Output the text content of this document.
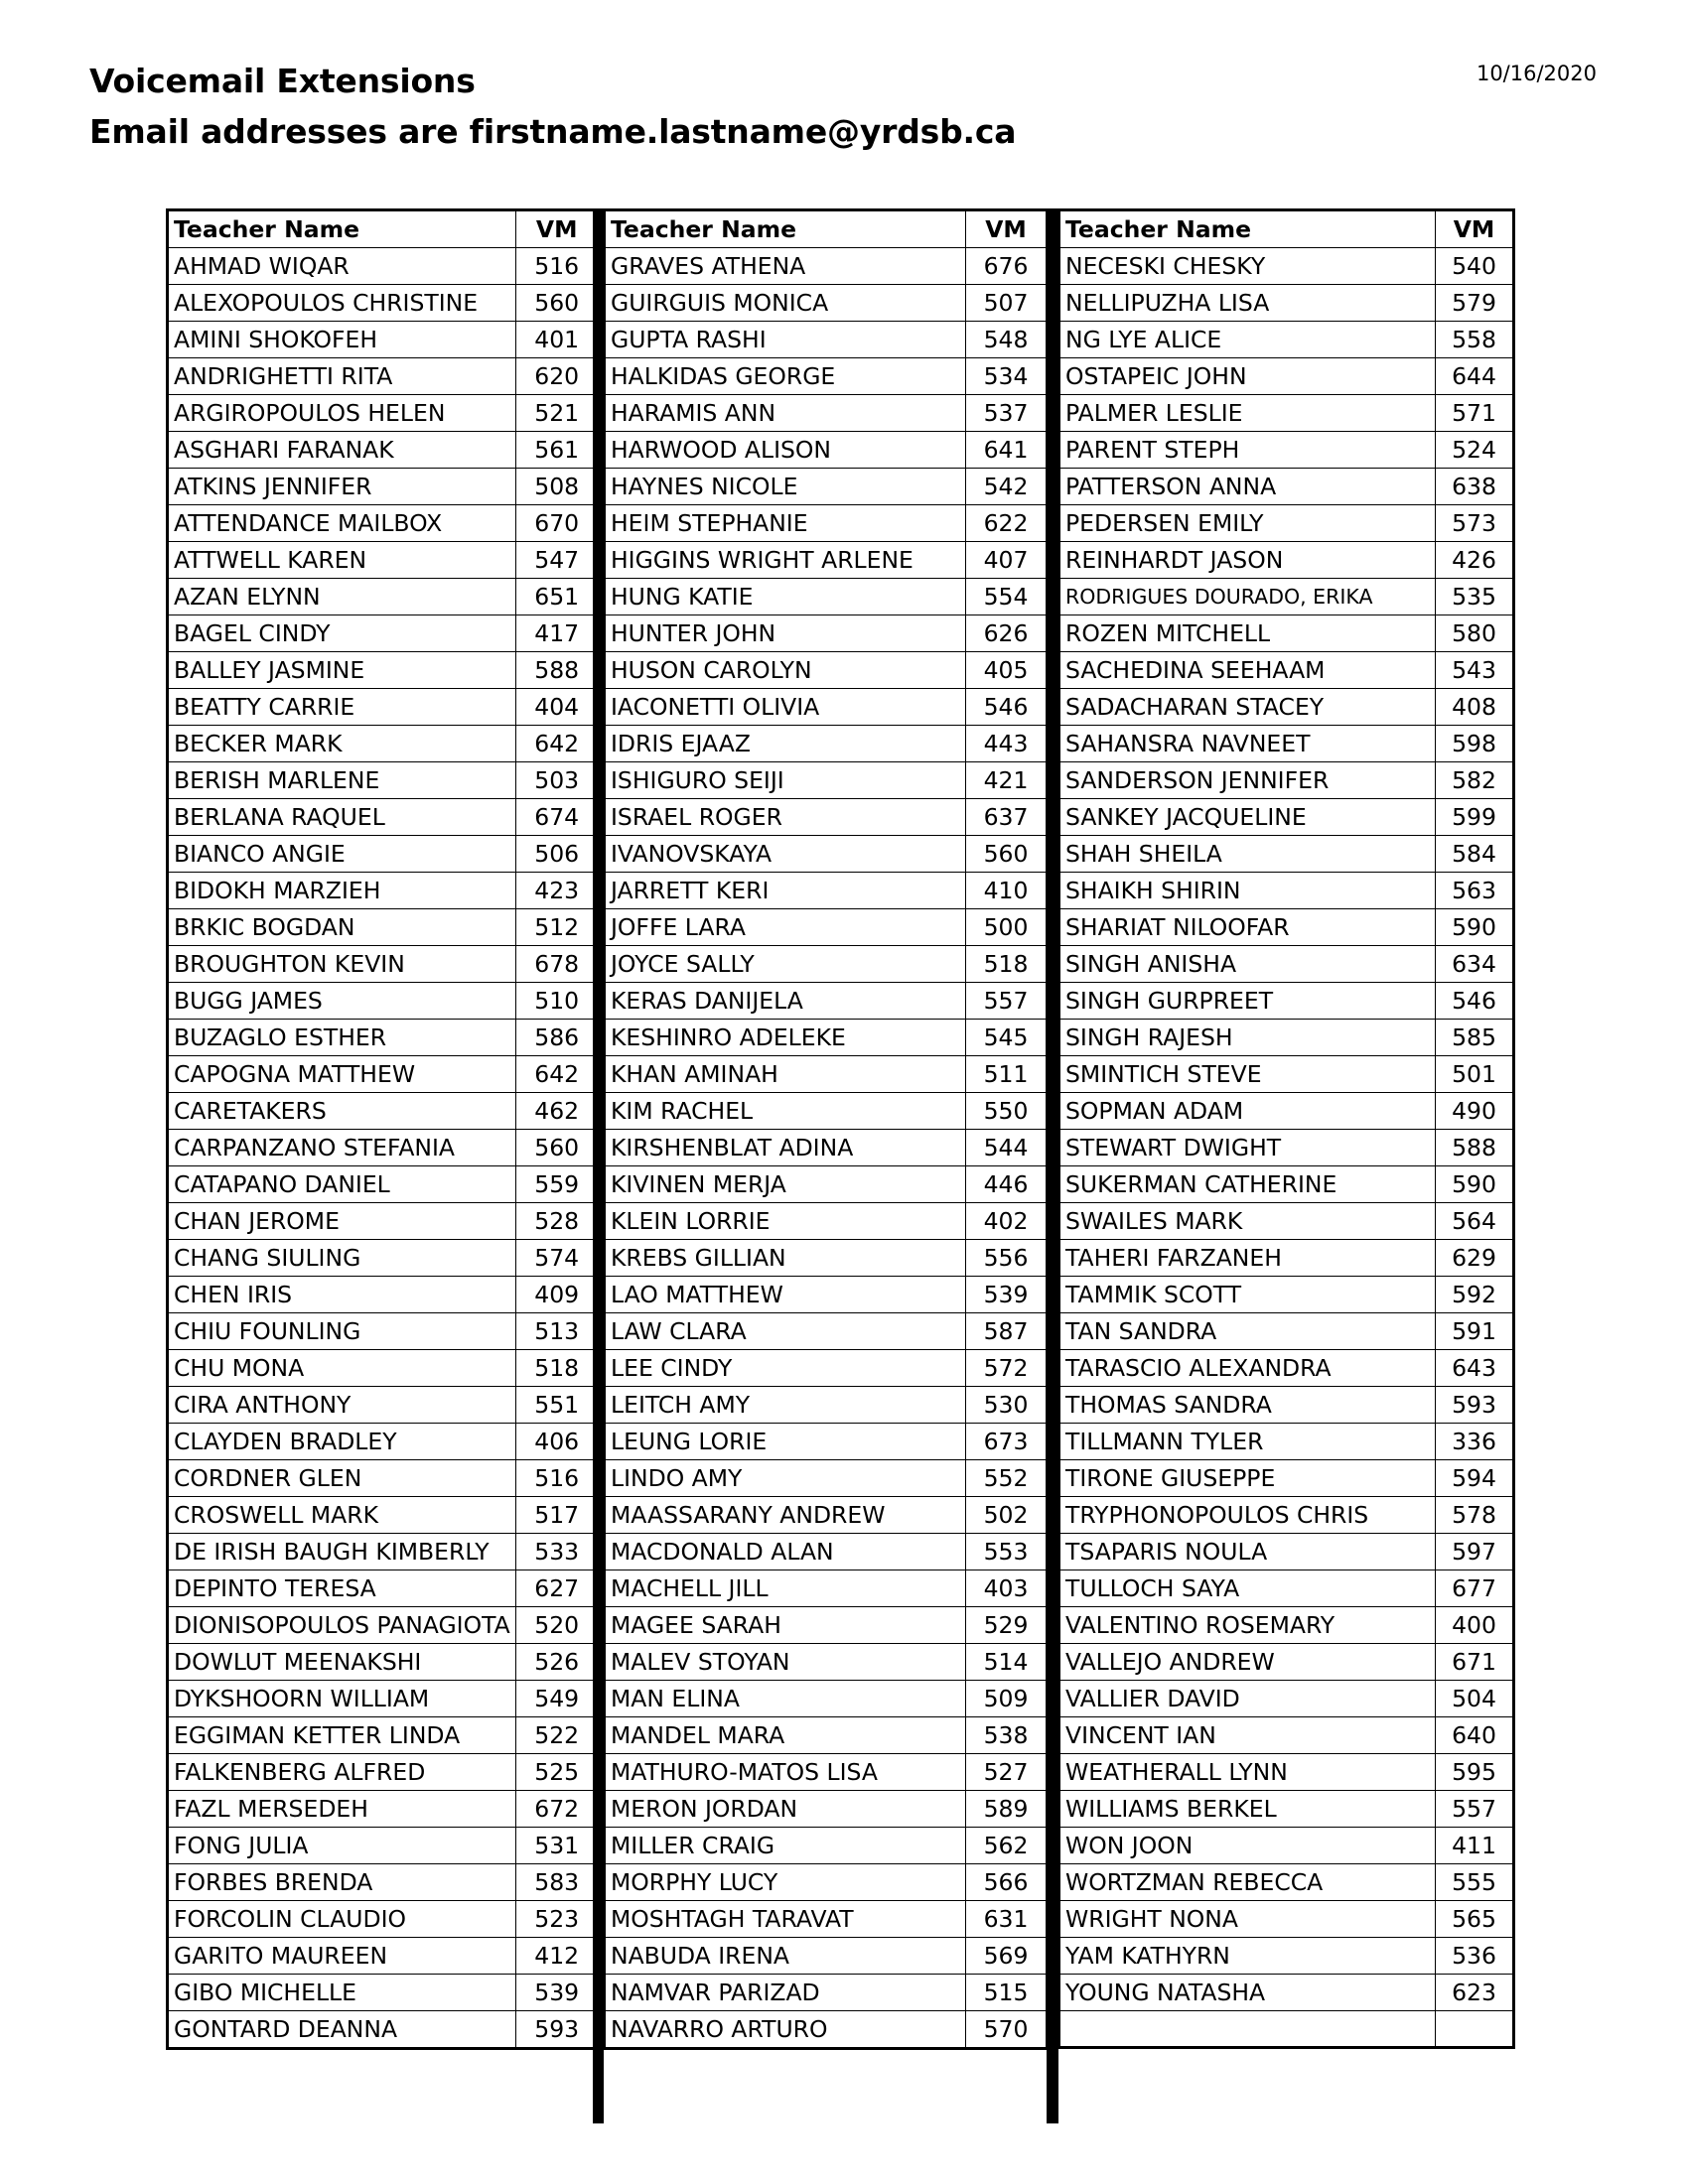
Voicemail Extensions
Email addresses are firstname.lastname@yrdsb.ca
10/16/2020
Teacher Name	VM
AHMAD WIQAR	516
ALEXOPOULOS CHRISTINE	560
AMINI SHOKOFEH	401
ANDRIGHETTI RITA	620
ARGIROPOULOS HELEN	521
ASGHARI FARANAK	561
ATKINS JENNIFER	508
ATTENDANCE MAILBOX	670
ATTWELL KAREN	547
AZAN ELYNN	651
BAGEL CINDY	417
BALLEY JASMINE	588
BEATTY CARRIE	404
BECKER MARK	642
BERISH MARLENE	503
BERLANA RAQUEL	674
BIANCO ANGIE	506
BIDOKH MARZIEH	423
BRKIC BOGDAN	512
BROUGHTON KEVIN	678
BUGG JAMES	510
BUZAGLO ESTHER	586
CAPOGNA MATTHEW	642
CARETAKERS	462
CARPANZANO STEFANIA	560
CATAPANO DANIEL	559
CHAN JEROME	528
CHANG SIULING	574
CHEN IRIS	409
CHIU FOUNLING	513
CHU MONA	518
CIRA ANTHONY	551
CLAYDEN BRADLEY	406
CORDNER GLEN	516
CROSWELL MARK	517
DE IRISH BAUGH KIMBERLY	533
DEPINTO TERESA	627
DIONISOPOULOS PANAGIOTA	520
DOWLUT MEENAKSHI	526
DYKSHOORN WILLIAM	549
EGGIMAN KETTER LINDA	522
FALKENBERG ALFRED	525
FAZL MERSEDEH	672
FONG JULIA	531
FORBES BRENDA	583
FORCOLIN CLAUDIO	523
GARITO MAUREEN	412
GIBO MICHELLE	539
GONTARD DEANNA	593
Teacher Name	VM
GRAVES ATHENA	676
GUIRGUIS MONICA	507
GUPTA RASHI	548
HALKIDAS GEORGE	534
HARAMIS ANN	537
HARWOOD ALISON	641
HAYNES NICOLE	542
HEIM STEPHANIE	622
HIGGINS WRIGHT ARLENE	407
HUNG KATIE	554
HUNTER JOHN	626
HUSON CAROLYN	405
IACONETTI OLIVIA	546
IDRIS EJAAZ	443
ISHIGURO SEIJI	421
ISRAEL ROGER	637
IVANOVSKAYA	560
JARRETT KERI	410
JOFFE LARA	500
JOYCE SALLY	518
KERAS DANIJELA	557
KESHINRO ADELEKE	545
KHAN AMINAH	511
KIM RACHEL	550
KIRSHENBLAT ADINA	544
KIVINEN MERJA	446
KLEIN LORRIE	402
KREBS GILLIAN	556
LAO MATTHEW	539
LAW CLARA	587
LEE CINDY	572
LEITCH AMY	530
LEUNG LORIE	673
LINDO AMY	552
MAASSARANY ANDREW	502
MACDONALD ALAN	553
MACHELL JILL	403
MAGEE SARAH	529
MALEV STOYAN	514
MAN ELINA	509
MANDEL MARA	538
MATHURO-MATOS LISA	527
MERON JORDAN	589
MILLER CRAIG	562
MORPHY LUCY	566
MOSHTAGH TARAVAT	631
NABUDA IRENA	569
NAMVAR PARIZAD	515
NAVARRO ARTURO	570
Teacher Name	VM
NECESKI CHESKY	540
NELLIPUZHA LISA	579
NG LYE ALICE	558
OSTAPEIC JOHN	644
PALMER LESLIE	571
PARENT STEPH	524
PATTERSON ANNA	638
PEDERSEN EMILY	573
REINHARDT JASON	426
RODRIGUES DOURADO, ERIKA	535
ROZEN MITCHELL	580
SACHEDINA SEEHAAM	543
SADACHARAN STACEY	408
SAHANSRA NAVNEET	598
SANDERSON JENNIFER	582
SANKEY JACQUELINE	599
SHAH SHEILA	584
SHAIKH SHIRIN	563
SHARIAT NILOOFAR	590
SINGH ANISHA	634
SINGH GURPREET	546
SINGH RAJESH	585
SMINTICH STEVE	501
SOPMAN ADAM	490
STEWART DWIGHT	588
SUKERMAN CATHERINE	590
SWAILES MARK	564
TAHERI FARZANEH	629
TAMMIK SCOTT	592
TAN SANDRA	591
TARASCIO ALEXANDRA	643
THOMAS SANDRA	593
TILLMANN TYLER	336
TIRONE GIUSEPPE	594
TRYPHONOPOULOS CHRIS	578
TSAPARIS NOULA	597
TULLOCH SAYA	677
VALENTINO ROSEMARY	400
VALLEJO ANDREW	671
VALLIER DAVID	504
VINCENT IAN	640
WEATHERALL LYNN	595
WILLIAMS BERKEL	557
WON JOON	411
WORTZMAN REBECCA	555
WRIGHT NONA	565
YAM KATHYRN	536
YOUNG NATASHA	623
